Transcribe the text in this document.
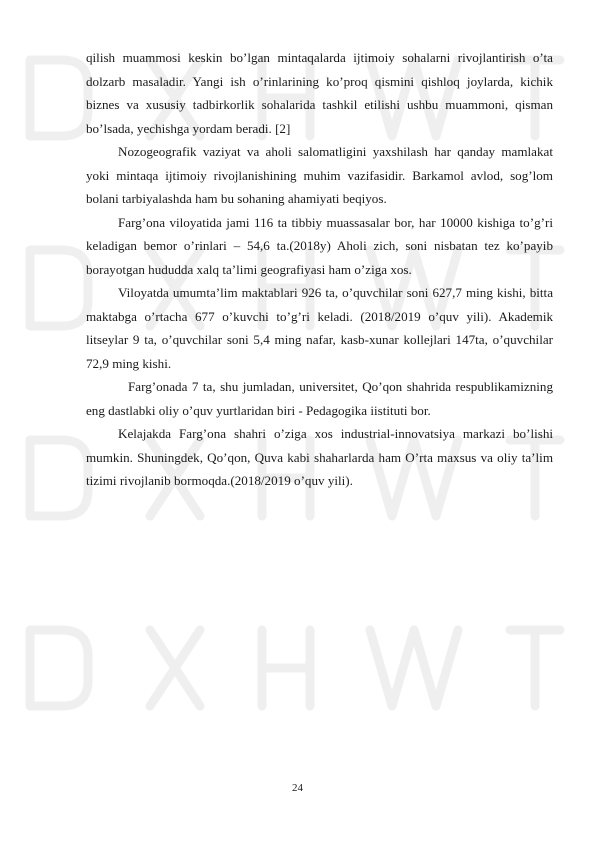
qilish muammosi keskin bo’lgan mintaqalarda ijtimoiy sohalarni rivojlantirish o’ta dolzarb masaladir. Yangi ish o’rinlarining ko’proq qismini qishloq joylarda, kichik biznes va xususiy tadbirkorlik sohalarida tashkil etilishi ushbu muammoni, qisman bo’lsada, yechishga yordam beradi. [2]

Nozogeografik vaziyat va aholi salomatligini yaxshilash har qanday mamlakat yoki mintaqa ijtimoiy rivojlanishining muhim vazifasidir. Barkamol avlod, sog’lom bolani tarbiyalashda ham bu sohaning ahamiyati beqiyos.

Farg’ona viloyatida jami 116 ta tibbiy muassasalar bor, har 10000 kishiga to’g’ri keladigan bemor o’rinlari – 54,6 ta.(2018y) Aholi zich, soni nisbatan tez ko’payib borayotgan hududda xalq ta’limi geografiyasi ham o’ziga xos.

Viloyatda umumta’lim maktablari 926 ta, o’quvchilar soni 627,7 ming kishi, bitta maktabga o’rtacha 677 o’kuvchi to’g’ri keladi. (2018/2019 o’quv yili). Akademik litseylar 9 ta, o’quvchilar soni 5,4 ming nafar, kasb-xunar kollejlari 147ta, o’quvchilar 72,9 ming kishi.

Farg’onada 7 ta, shu jumladan, universitet, Qo’qon shahrida respublikamizning eng dastlabki oliy o’quv yurtlaridan biri - Pedagogika iistituti bor.

Kelajakda Farg’ona shahri o’ziga xos industrial-innovatsiya markazi bo’lishi mumkin. Shuningdek, Qo’qon, Quva kabi shaharlarda ham O’rta maxsus va oliy ta’lim tizimi rivojlanib bormoqda.(2018/2019 o’quv yili).

24
